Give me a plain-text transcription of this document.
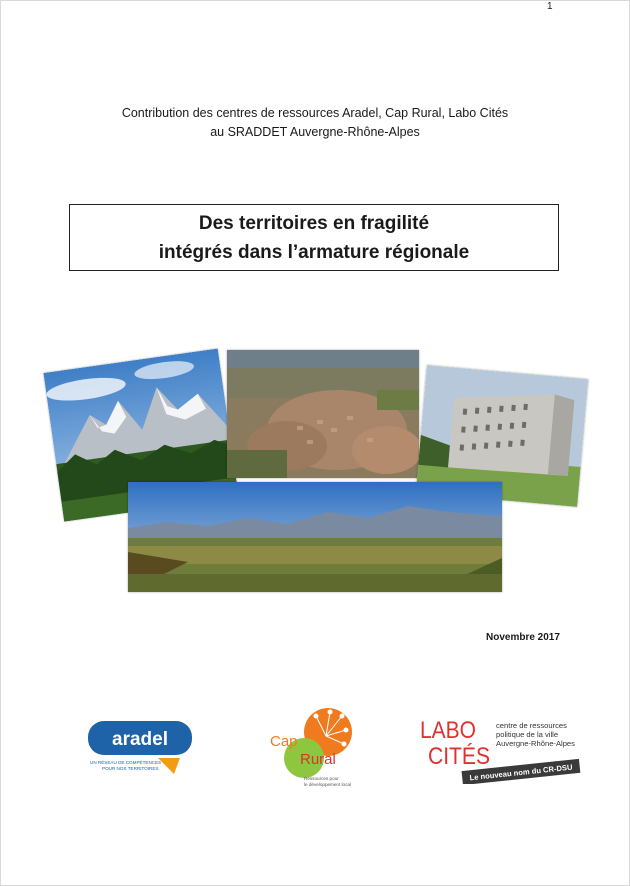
1
Contribution des centres de ressources Aradel, Cap Rural, Labo Cités
au SRADDET Auvergne-Rhône-Alpes
Des territoires en fragilité
intégrés dans l’armature régionale
Novembre 2017
aradel
UN RÉSEAU DE COMPÉTENCES
POUR NOS TERRITOIRES
Cap
Rural
Ressources pour
le développement local
LABO
CITÉS
centre de ressources
politique de la ville
Auvergne-Rhône-Alpes
Le nouveau nom du CR-DSU
